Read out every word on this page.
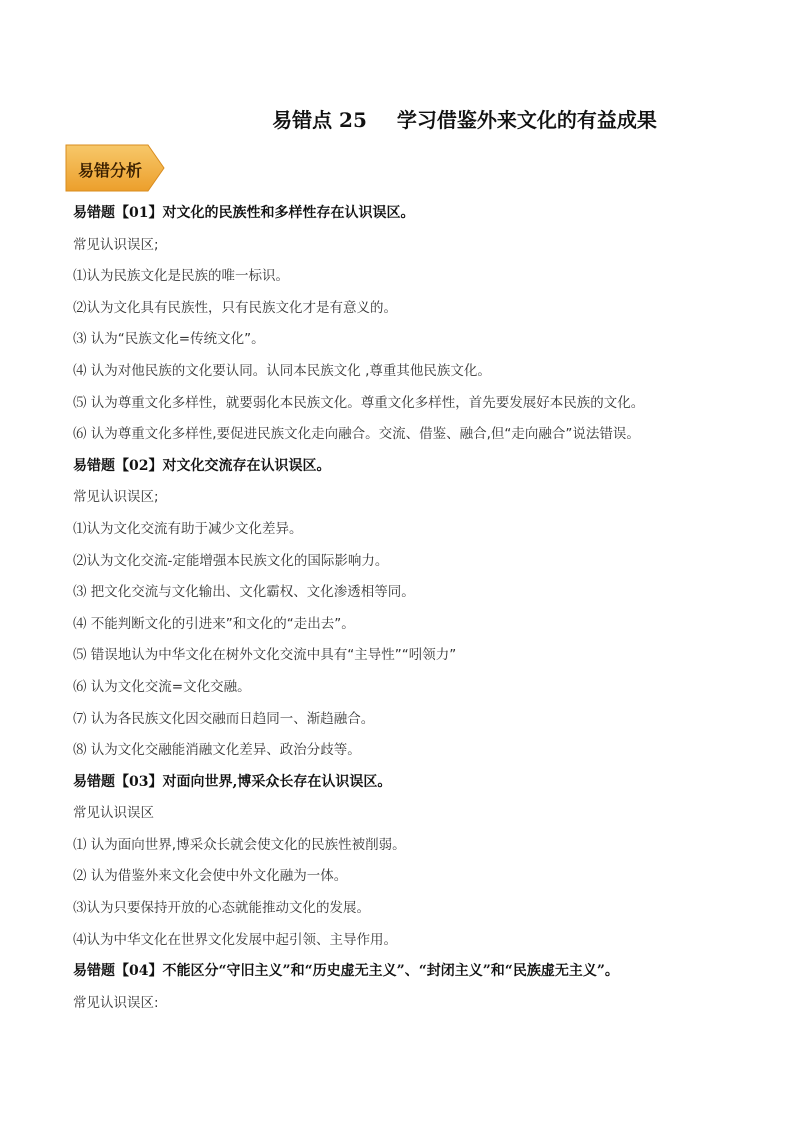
易错点 25 学习借鉴外来文化的有益成果
易错分析
易错题【01】对文化的民族性和多样性存在认识误区。
常见认识误区;
⑴认为民族文化是民族的唯一标识。
⑵认为文化具有民族性，只有民族文化才是有意义的。
⑶ 认为“民族文化=传统文化”。
⑷ 认为对他民族的文化要认同。认同本民族文化 ,尊重其他民族文化。
⑸ 认为尊重文化多样性，就要弱化本民族文化。尊重文化多样性，首先要发展好本民族的文化。
⑹ 认为尊重文化多样性,要促进民族文化走向融合。交流、借鉴、融合,但“走向融合”说法错误。
易错题【02】对文化交流存在认识误区。
常见认识误区;
⑴认为文化交流有助于减少文化差异。
⑵认为文化交流-定能增强本民族文化的国际影响力。
⑶ 把文化交流与文化输出、文化霸权、文化渗透相等同。
⑷ 不能判断文化的引进来”和文化的“走出去”。
⑸ 错误地认为中华文化在树外文化交流中具有“主导性”“吲领力”
⑹ 认为文化交流=文化交融。
⑺ 认为各民族文化因交融而日趋同一、渐趋融合。
⑻ 认为文化交融能消融文化差异、政治分歧等。
易错题【03】对面向世界,博采众长存在认识误区。
常见认识误区
⑴ 认为面向世界,博采众长就会使文化的民族性被削弱。
⑵ 认为借鉴外来文化会使中外文化融为一体。
⑶认为只要保持开放的心态就能推动文化的发展。
⑷认为中华文化在世界文化发展中起引领、主导作用。
易错题【04】不能区分“守旧主义”和“历史虚无主义”、“封闭主义”和“民族虚无主义”。
常见认识误区:
